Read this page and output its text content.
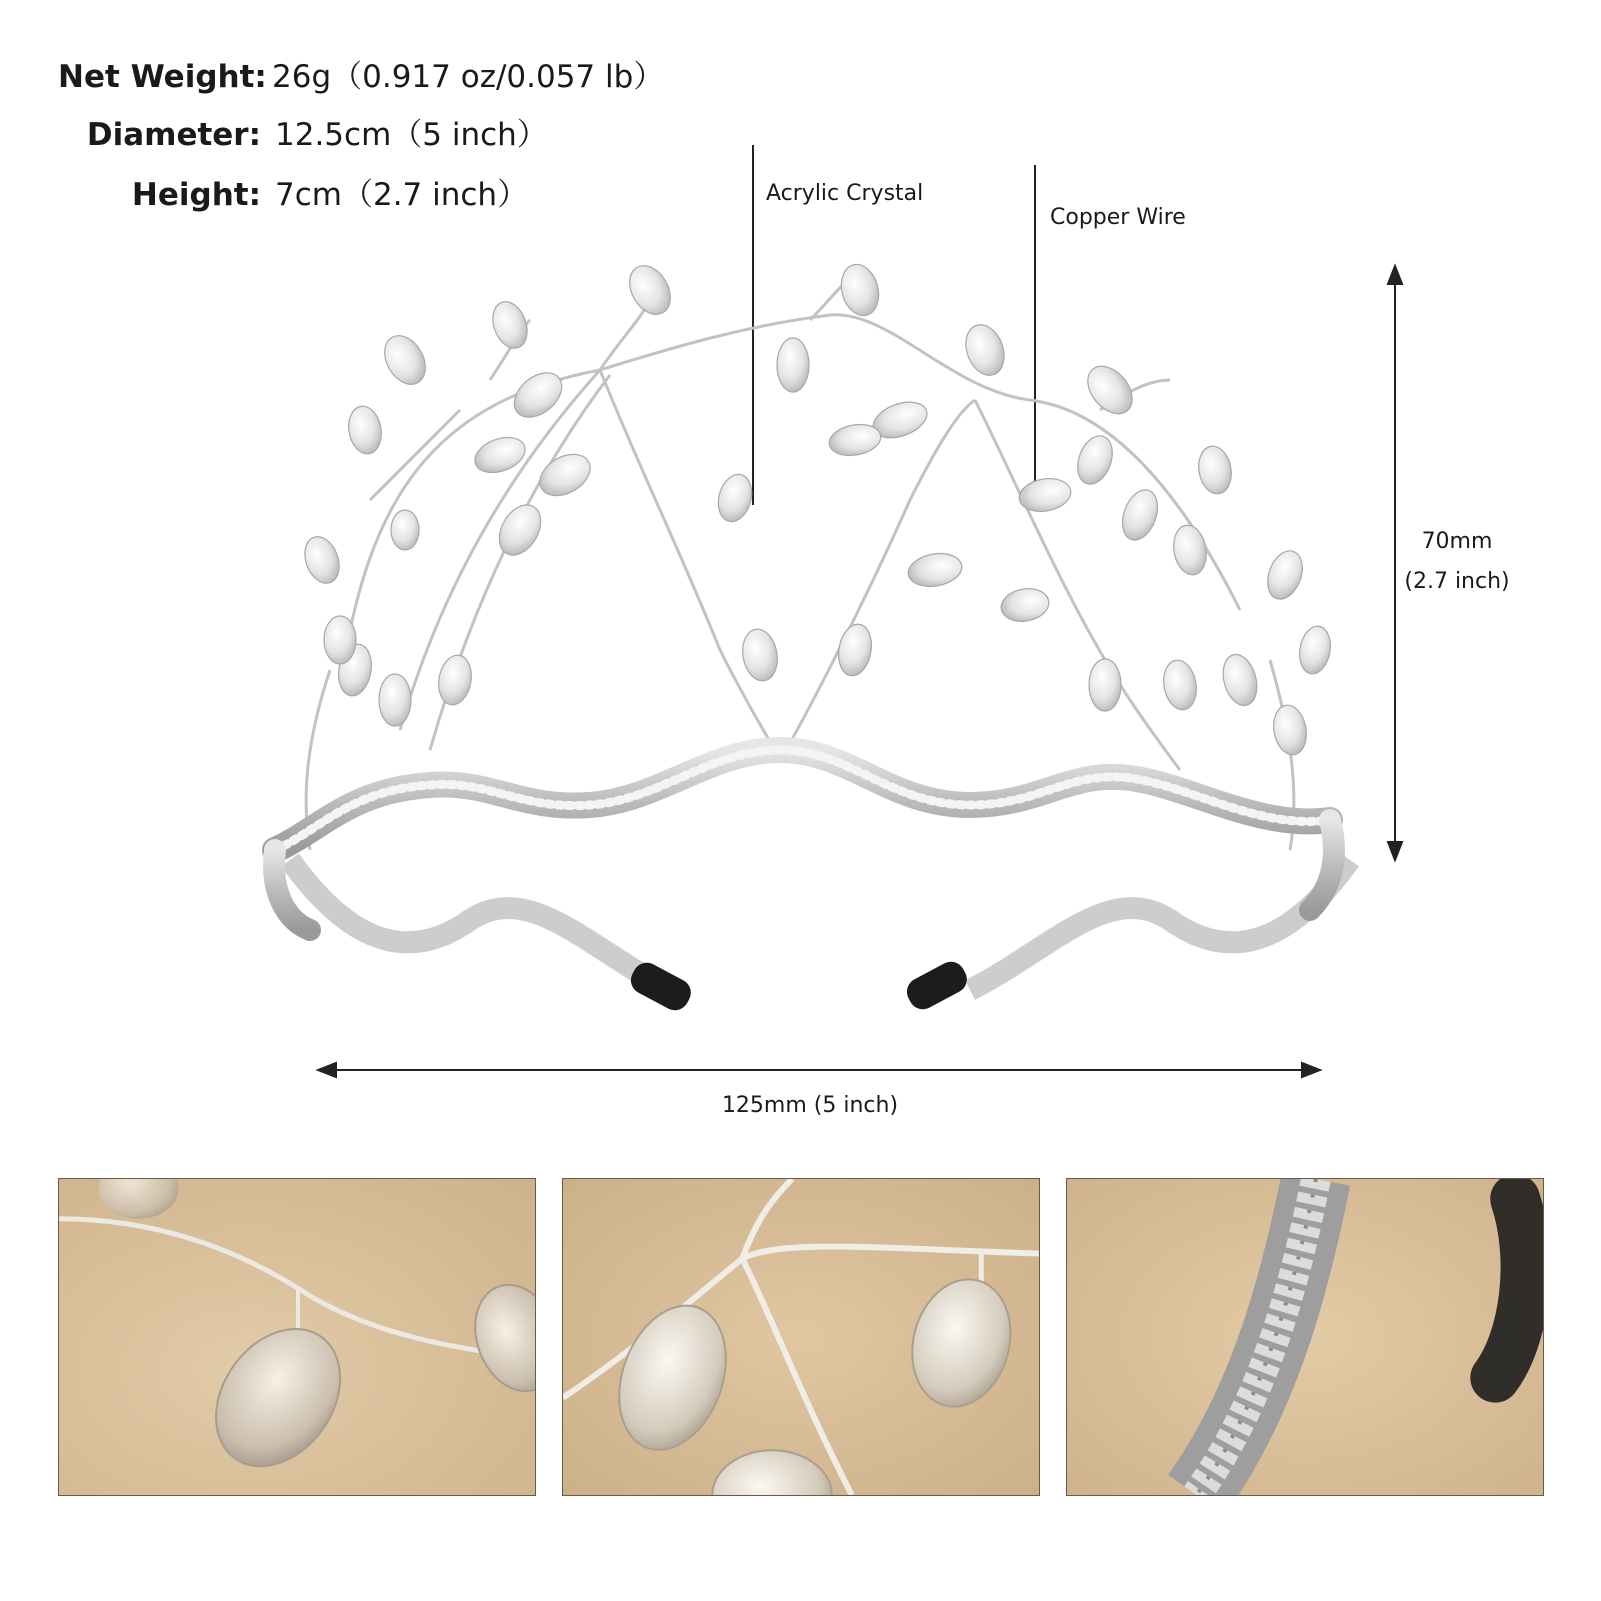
Net Weight: 26g（0.917 oz/0.057 lb）
Diameter: 12.5cm（5 inch）
Height: 7cm（2.7 inch）	Acrylic Crystal
Copper Wire
70mm
(2.7 inch)
125mm (5 inch)
